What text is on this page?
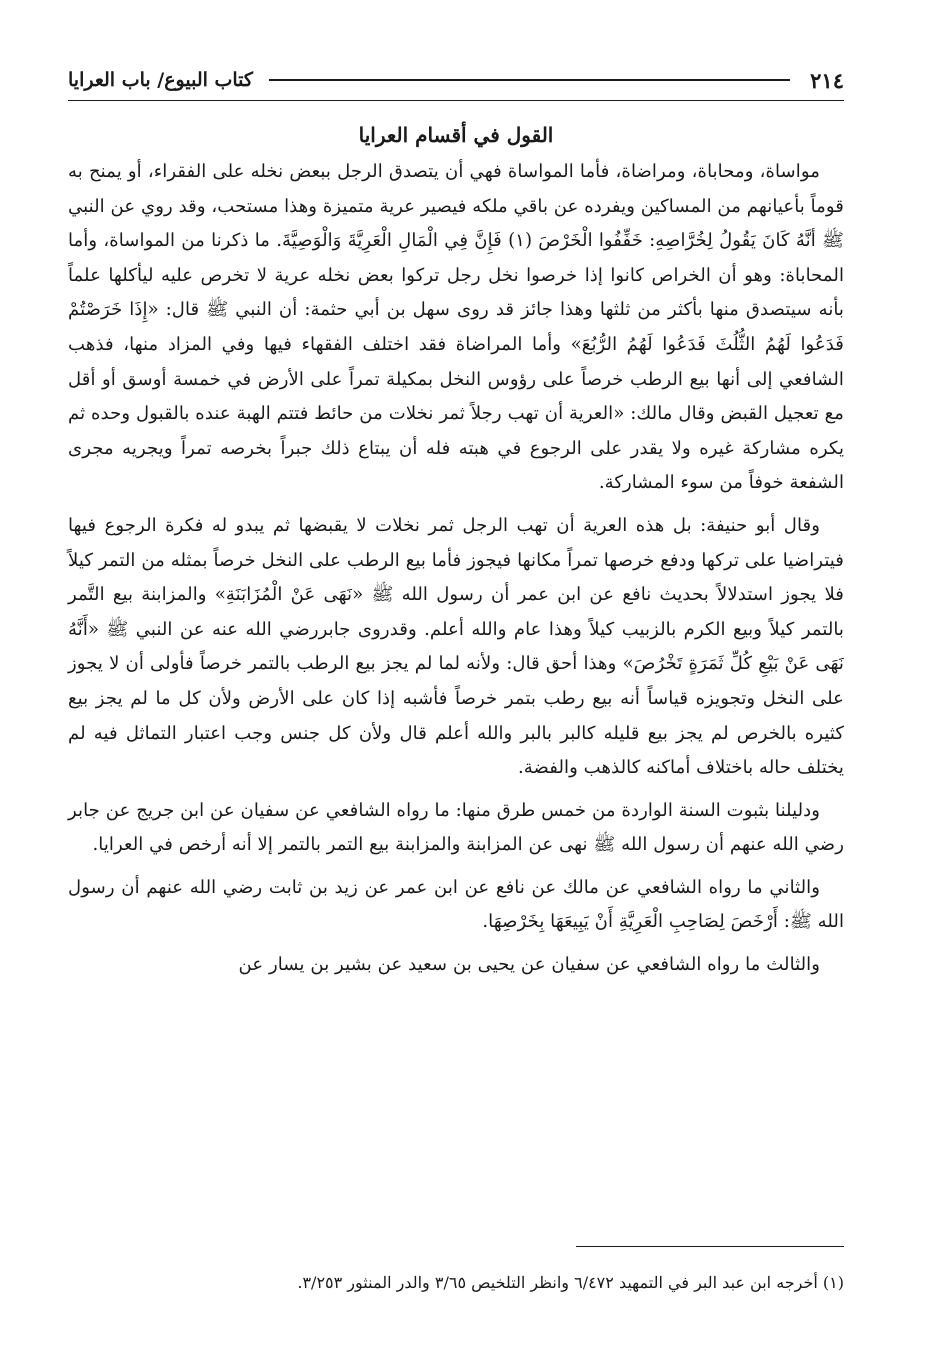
٢١٤
كتاب البيوع/ باب العرايا
القول في أقسام العرايا

مواساة، ومحاباة، ومراضاة، فأما المواساة فهي أن يتصدق الرجل ببعض نخله على الفقراء، أو يمنح به قوماً بأعيانهم من المساكين ويفرده عن باقي ملكه فيصير عرية متميزة وهذا مستحب، وقد روي عن النبي ﷺ أنَّهُ كَانَ يَقُولُ لِخُرَّاصِهِ: خَفِّفُوا الْخَرْصَ (١) فَإِنَّ فِي الْمَالِ الْعَرِيَّةَ وَالْوَصِيَّةَ. ما ذكرنا من المواساة، وأما المحاباة: وهو أن الخراص كانوا إذا خرصوا نخل رجل تركوا بعض نخله عرية لا تخرص عليه ليأكلها علماً بأنه سيتصدق منها بأكثر من ثلثها وهذا جائز قد روى سهل بن أبي حثمة: أن النبي ﷺ قال: «إِذَا خَرَصْتُمْ فَدَعُوا لَهُمُ الثُّلُثَ فَدَعُوا لَهُمُ الرُّبُعَ» وأما المراضاة فقد اختلف الفقهاء فيها وفي المزاد منها، فذهب الشافعي إلى أنها بيع الرطب خرصاً على رؤوس النخل بمكيلة تمراً على الأرض في خمسة أوسق أو أقل مع تعجيل القبض وقال مالك: «العرية أن تهب رجلاً ثمر نخلات من حائط فتتم الهبة عنده بالقبول وحده ثم يكره مشاركة غيره ولا يقدر على الرجوع في هبته فله أن يبتاع ذلك جبراً بخرصه تمراً ويجريه مجرى الشفعة خوفاً من سوء المشاركة.

وقال أبو حنيفة: بل هذه العرية أن تهب الرجل ثمر نخلات لا يقبضها ثم يبدو له فكرة الرجوع فيها فيتراضيا على تركها ودفع خرصها تمراً مكانها فيجوز فأما بيع الرطب على النخل خرصاً بمثله من التمر كيلاً فلا يجوز استدلالاً بحديث نافع عن ابن عمر أن رسول الله ﷺ «نَهَى عَنْ الْمُزَابَنَةِ» والمزابنة بيع التَّمر بالتمر كيلاً وبيع الكرم بالزبيب كيلاً وهذا عام والله أعلم. وقدروى جابررضي الله عنه عن النبي ﷺ «أَنَّهُ نَهَى عَنْ بَيْعِ كُلِّ ثَمَرَةٍ تَخْرُصَ» وهذا أحق قال: ولأنه لما لم يجز بيع الرطب بالتمر خرصاً فأولى أن لا يجوز على النخل وتجويزه قياساً أنه بيع رطب بتمر خرصاً فأشبه إذا كان على الأرض ولأن كل ما لم يجز بيع كثيره بالخرص لم يجز بيع قليله كالبر بالبر والله أعلم قال ولأن كل جنس وجب اعتبار التماثل فيه لم يختلف حاله باختلاف أماكنه كالذهب والفضة.

ودليلنا بثبوت السنة الواردة من خمس طرق منها: ما رواه الشافعي عن سفيان عن ابن جريج عن جابر رضي الله عنهم أن رسول الله ﷺ نهى عن المزابنة والمزابنة بيع التمر بالتمر إلا أنه أرخص في العرايا.

والثاني ما رواه الشافعي عن مالك عن نافع عن ابن عمر عن زيد بن ثابت رضي الله عنهم أن رسول الله ﷺ: أَرْخَصَ لِصَاحِبِ الْعَرِيَّةِ أَنْ يَبِيعَهَا بِخَرْصِهَا.

والثالث ما رواه الشافعي عن سفيان عن يحيى بن سعيد عن بشير بن يسار عن

(١) أخرجه ابن عبد البر في التمهيد ٦/٤٧٢ وانظر التلخيص ٣/٦٥ والدر المنثور ٣/٢٥٣.
